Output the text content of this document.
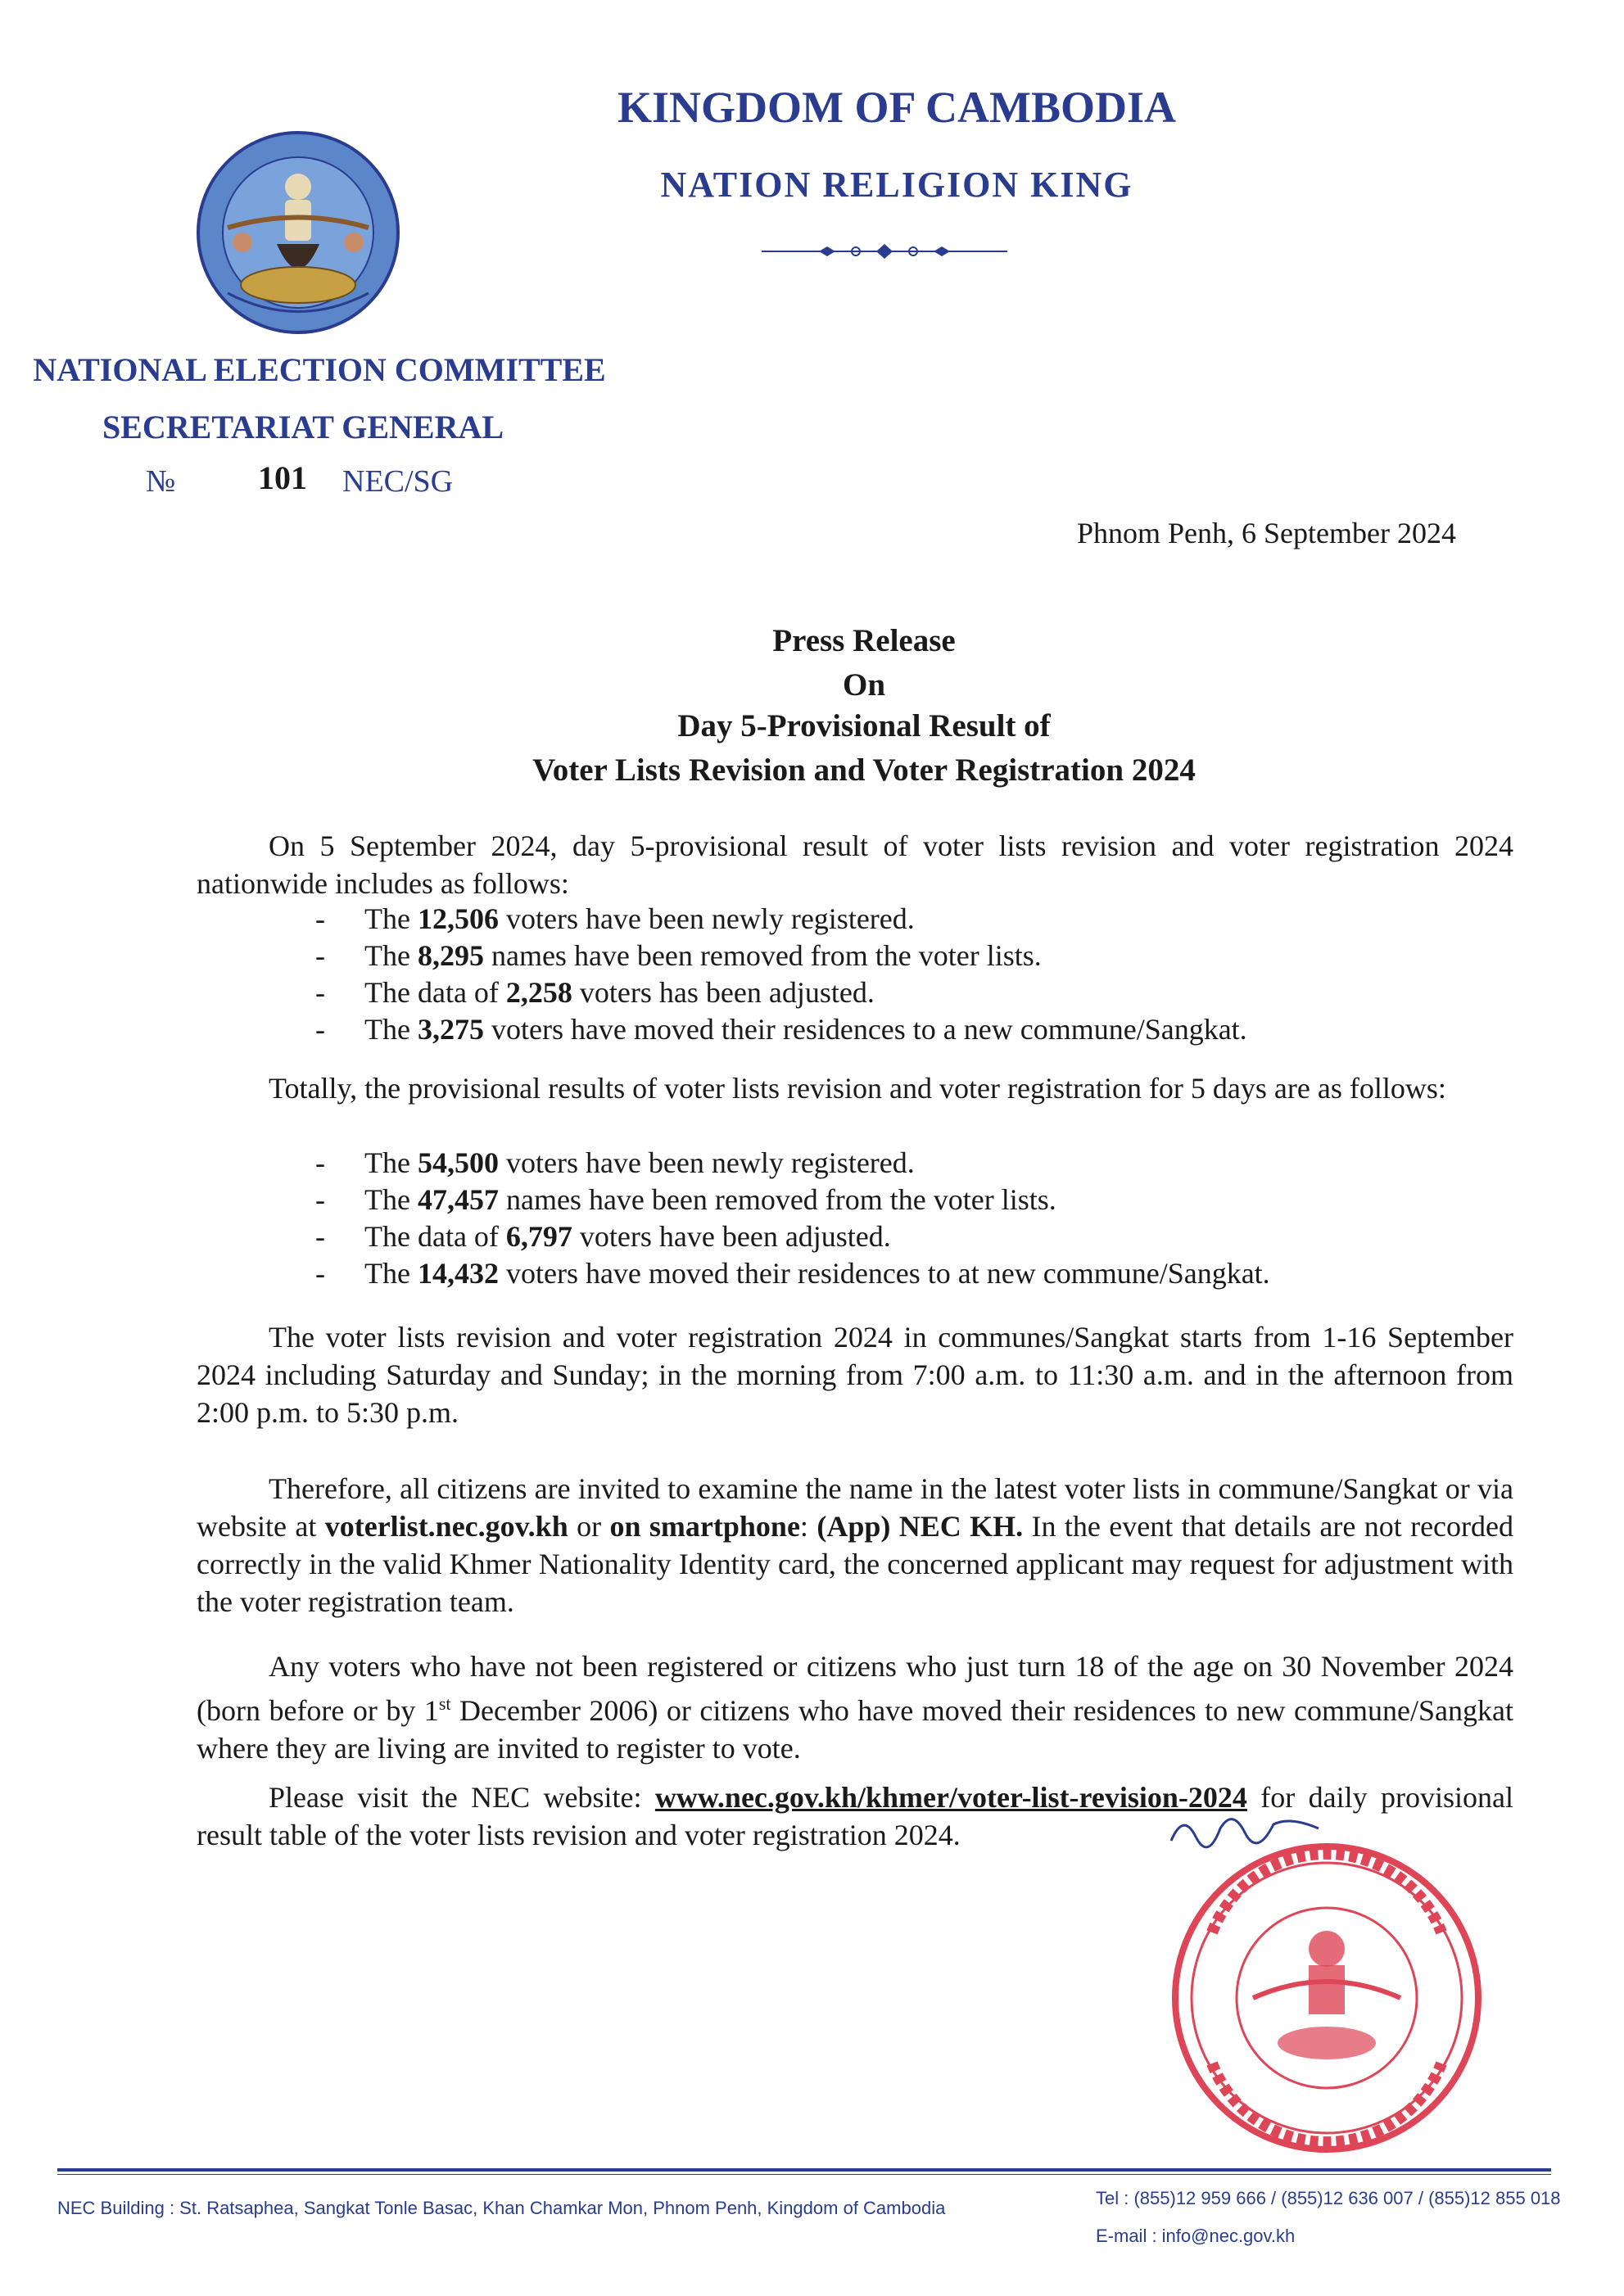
KINGDOM OF CAMBODIA
NATION RELIGION KING
NATIONAL ELECTION COMMITTEE
SECRETARIAT GENERAL
№	101 NEC/SG
Phnom Penh, 6 September 2024
Press Release
On
Day 5-Provisional Result of
Voter Lists Revision and Voter Registration 2024
On 5 September 2024, day 5-provisional result of voter lists revision and voter registration 2024 nationwide includes as follows:
- The 12,506 voters have been newly registered.
- The 8,295 names have been removed from the voter lists.
- The data of 2,258 voters has been adjusted.
- The 3,275 voters have moved their residences to a new commune/Sangkat.
Totally, the provisional results of voter lists revision and voter registration for 5 days are as follows:
- The 54,500 voters have been newly registered.
- The 47,457 names have been removed from the voter lists.
- The data of 6,797 voters have been adjusted.
- The 14,432 voters have moved their residences to at new commune/Sangkat.
The voter lists revision and voter registration 2024 in communes/Sangkat starts from 1-16 September 2024 including Saturday and Sunday; in the morning from 7:00 a.m. to 11:30 a.m. and in the afternoon from 2:00 p.m. to 5:30 p.m.
Therefore, all citizens are invited to examine the name in the latest voter lists in commune/Sangkat or via website at voterlist.nec.gov.kh or on smartphone: (App) NEC KH. In the event that details are not recorded correctly in the valid Khmer Nationality Identity card, the concerned applicant may request for adjustment with the voter registration team.
Any voters who have not been registered or citizens who just turn 18 of the age on 30 November 2024 (born before or by 1st December 2006) or citizens who have moved their residences to new commune/Sangkat where they are living are invited to register to vote.
Please visit the NEC website: www.nec.gov.kh/khmer/voter-list-revision-2024 for daily provisional result table of the voter lists revision and voter registration 2024.
NEC Building : St. Ratsaphea, Sangkat Tonle Basac, Khan Chamkar Mon, Phnom Penh, Kingdom of Cambodia	Tel : (855)12 959 666 / (855)12 636 007 / (855)12 855 018
E-mail : info@nec.gov.kh
